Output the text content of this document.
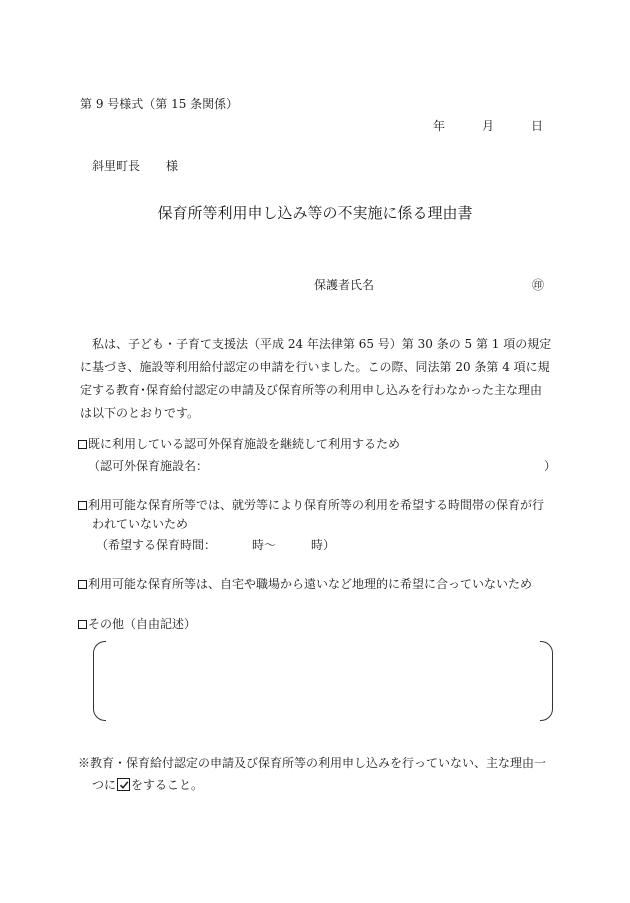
第 9 号様式（第 15 条関係）
年	月	日
斜里町長 様
保育所等利用申し込み等の不実施に係る理由書
保護者氏名	㊞
私は、子ども・子育て支援法（平成 24 年法律第 65 号）第 30 条の 5 第 1 項の規定に基づき、施設等利用給付認定の申請を行いました。この際、同法第 20 条第 4 項に規定する教育･保育給付認定の申請及び保育所等の利用申し込みを行わなかった主な理由は以下のとおりです。
既に利用している認可外保育施設を継続して利用するため
（認可外保育施設名：	）
利用可能な保育所等では、就労等により保育所等の利用を希望する時間帯の保育が行
われていないため
（希望する保育時間：	時～	時）
利用可能な保育所等は、自宅や職場から遠いなど地理的に希望に合っていないため
その他（自由記述）
※教育・保育給付認定の申請及び保育所等の利用申し込みを行っていない、主な理由一
つに をすること。
